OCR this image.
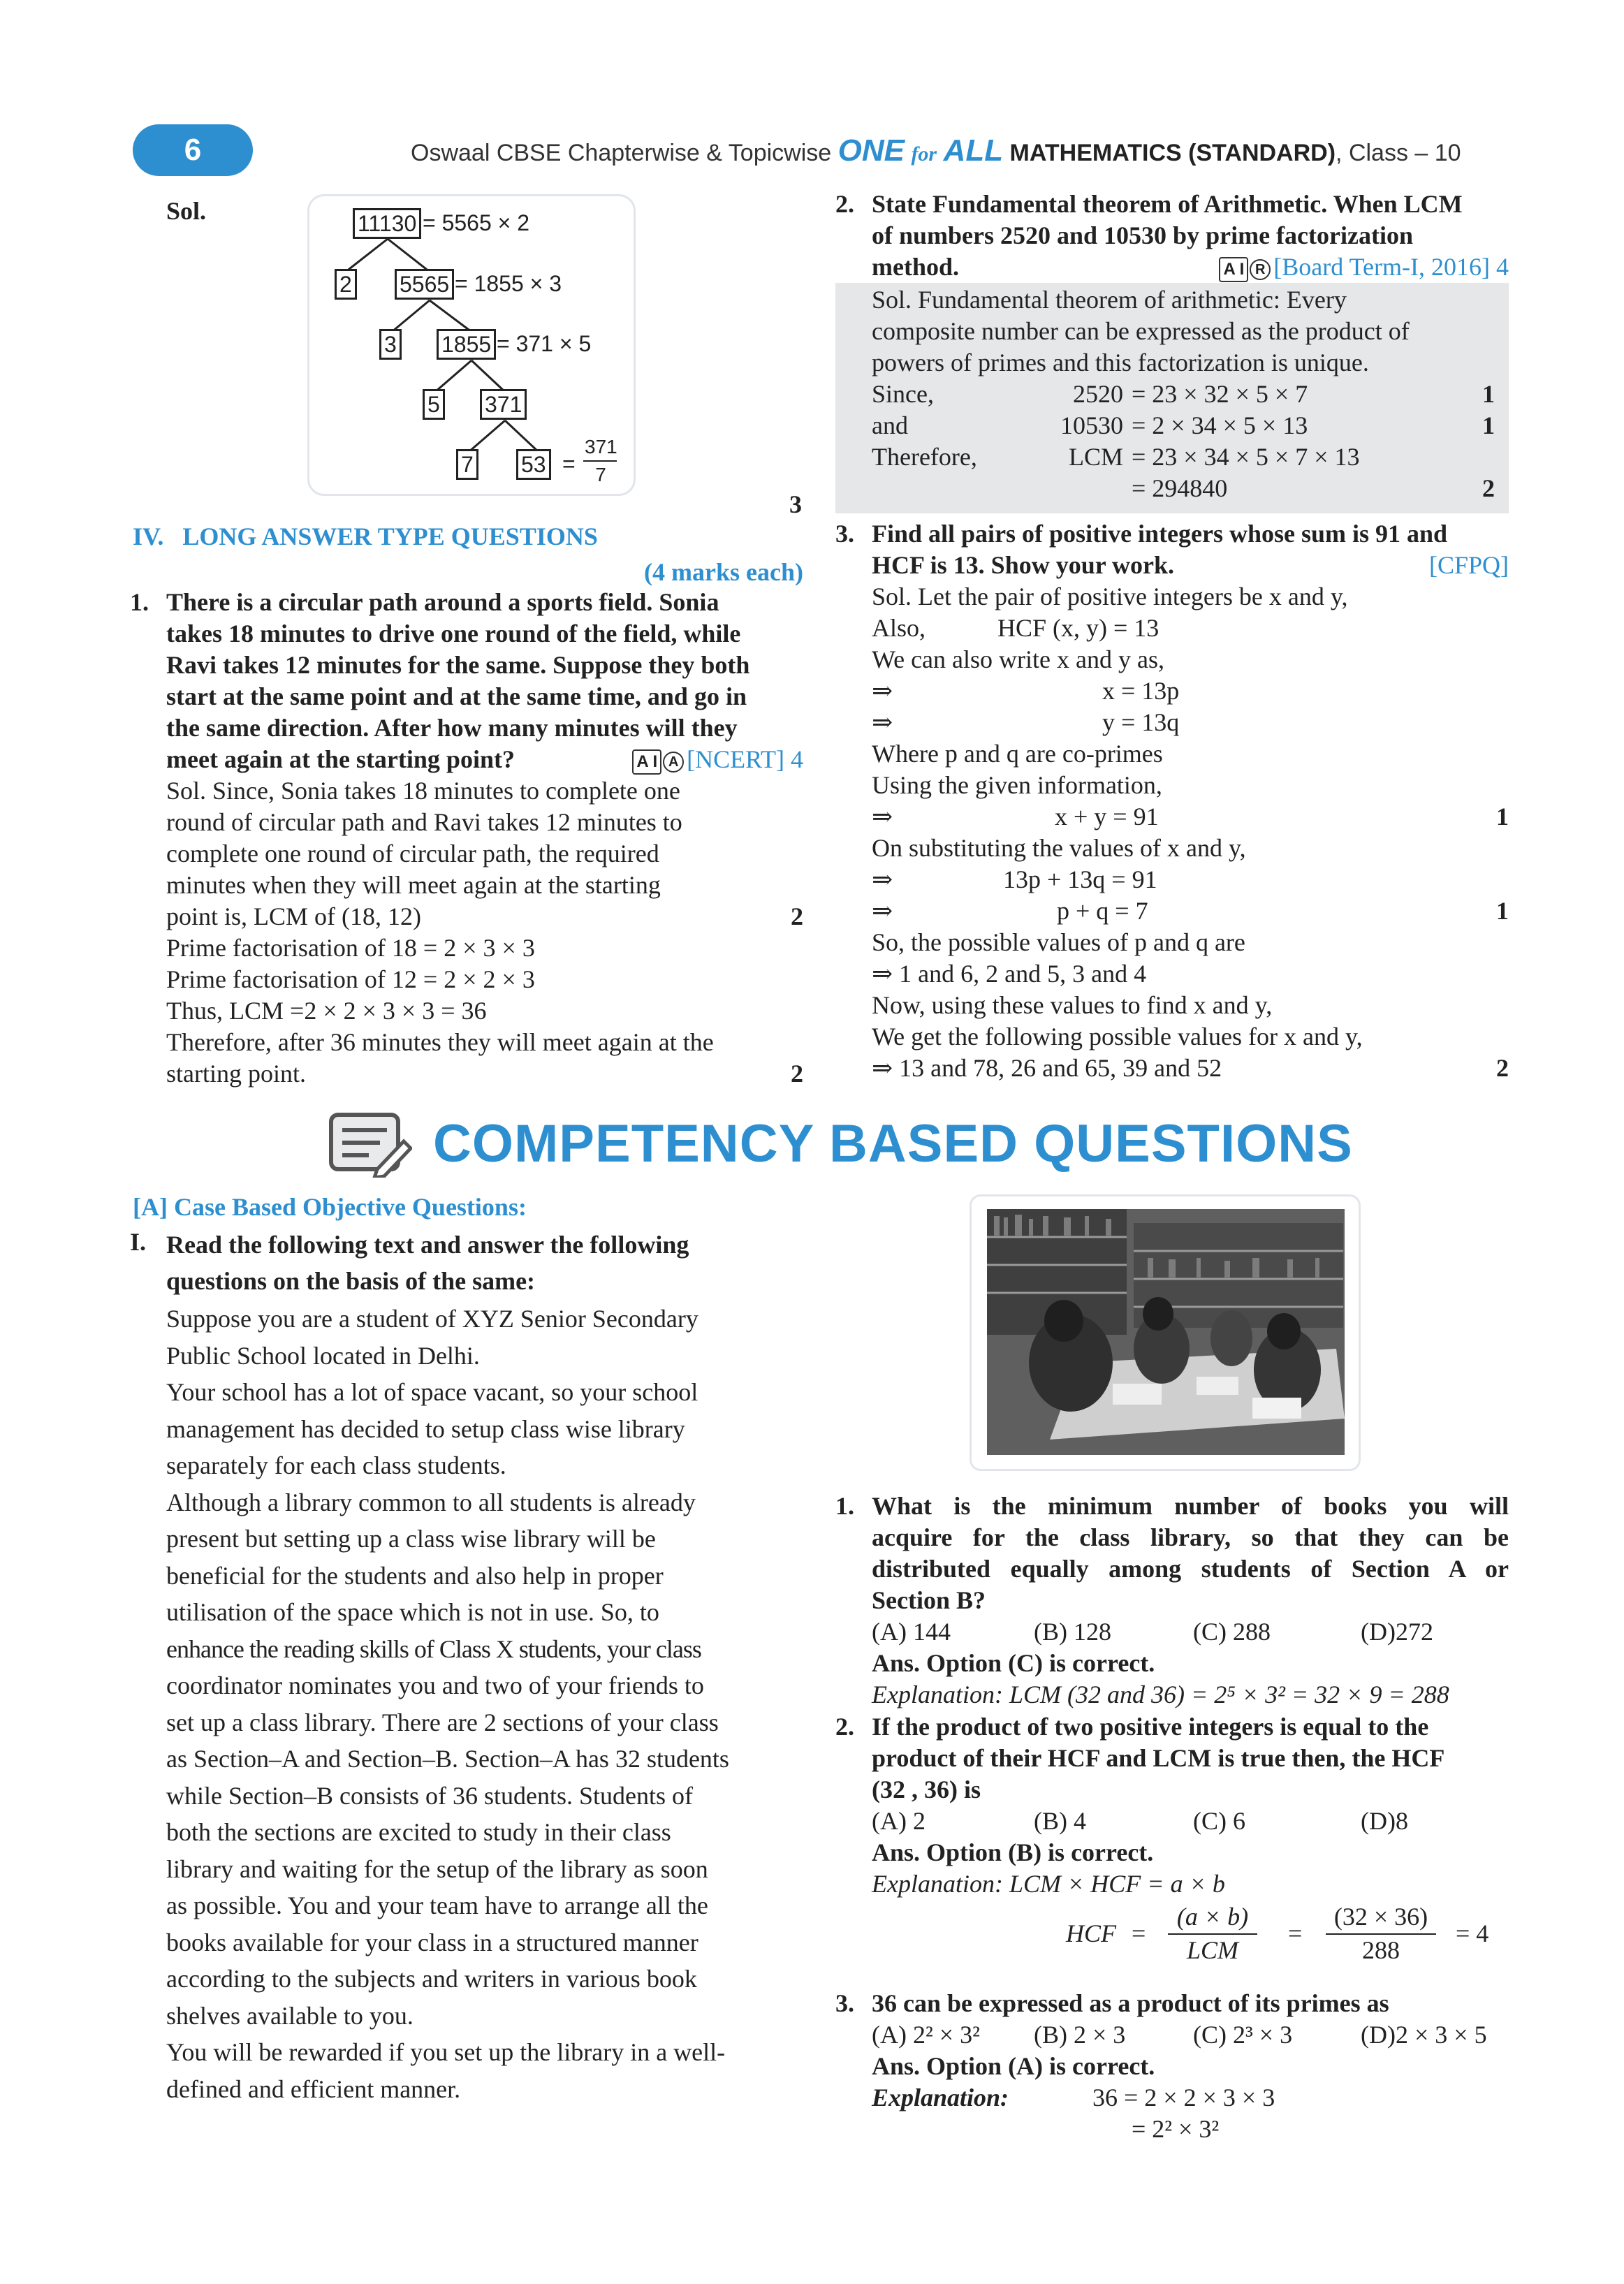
6	Oswaal CBSE Chapterwise & Topicwise ONE for ALL MATHEMATICS (STANDARD), Class – 10
Sol.	11130 = 5565 × 2
2 5565 = 1855 × 3
3 1855 = 371 × 5
5 371
7 53 =
371
7
3
IV.   LONG ANSWER TYPE QUESTIONS
(4 marks each)
1. There is a circular path around a sports field. Sonia
takes 18 minutes to drive one round of the field, while
Ravi takes 12 minutes for the same. Suppose they both
start at the same point and at the same time, and go in
the same direction. After how many minutes will they
meet again at the starting point?	A I A [NCERT] 4
Sol. Since, Sonia takes 18 minutes to complete one
round of circular path and Ravi takes 12 minutes to
complete one round of circular path, the required
minutes when they will meet again at the starting
point is, LCM of (18, 12)	2
Prime factorisation of 18 = 2 × 3 × 3
Prime factorisation of 12 = 2 × 2 × 3
Thus, LCM =2 × 2 × 3 × 3 = 36
Therefore, after 36 minutes they will meet again at the
starting point.	2
2. State Fundamental theorem of Arithmetic. When LCM
of numbers 2520 and 10530 by prime factorization
method.	A I R [Board Term-I, 2016] 4
Sol. Fundamental theorem of arithmetic: Every
composite number can be expressed as the product of
powers of primes and this factorization is unique.
Since,	2520 = 23 × 32 × 5 × 7	1

and	10530 = 2 × 34 × 5 × 13	1

Therefore,	LCM = 23 × 34 × 5 × 7 × 13

= 294840	2

3. Find all pairs of positive integers whose sum is 91 and
HCF is 13. Show your work.	[CFPQ]
Sol. Let the pair of positive integers be x and y,
Also,	HCF (x, y) = 13
We can also write x and y as,
⇒	x = 13p
⇒	y = 13q
Where p and q are co-primes
Using the given information,
⇒	x + y = 91	1
On substituting the values of x and y,
⇒	13p + 13q = 91
⇒	p + q = 7	1
So, the possible values of p and q are
⇒ 1 and 6, 2 and 5, 3 and 4
Now, using these values to find x and y,
We get the following possible values for x and y,
⇒ 13 and 78, 26 and 65, 39 and 52	2
COMPETENCY BASED QUESTIONS
[A] Case Based Objective Questions:
I. Read the following text and answer the following
questions on the basis of the same:
Suppose you are a student of XYZ Senior Secondary
Public School located in Delhi.
Your school has a lot of space vacant, so your school
management has decided to setup class wise library
separately for each class students.
Although a library common to all students is already
present but setting up a class wise library will be
beneficial for the students and also help in proper
utilisation of the space which is not in use. So, to
enhance the reading skills of Class X students, your class
coordinator nominates you and two of your friends to
set up a class library. There are 2 sections of your class
as Section–A and Section–B. Section–A has 32 students
while Section–B consists of 36 students. Students of
both the sections are excited to study in their class
library and waiting for the setup of the library as soon
as possible. You and your team have to arrange all the
books available for your class in a structured manner
according to the subjects and writers in various book
shelves available to you.
You will be rewarded if you set up the library in a well-
defined and efficient manner.
1. What is the minimum number of books you will
acquire for the class library, so that they can be
distributed equally among students of Section A or
Section B?
(A) 144	(B) 128	(C) 288	(D)272
Ans. Option (C) is correct.
Explanation: LCM (32 and 36) = 2⁵ × 3² = 32 × 9 = 288
2. If the product of two positive integers is equal to the
product of their HCF and LCM is true then, the HCF
(32 , 36) is
(A) 2	(B) 4	(C) 6	(D)8
Ans. Option (B) is correct.
Explanation: LCM × HCF = a × b
HCF =
(a × b)
LCM
=
(32 × 36)
288
= 4
3. 36 can be expressed as a product of its primes as
(A) 2² × 3² (B) 2 × 3	(C) 2³ × 3	(D)2 × 3 × 5
Ans. Option (A) is correct.
Explanation:	36 = 2 × 2 × 3 × 3
= 2² × 3²
